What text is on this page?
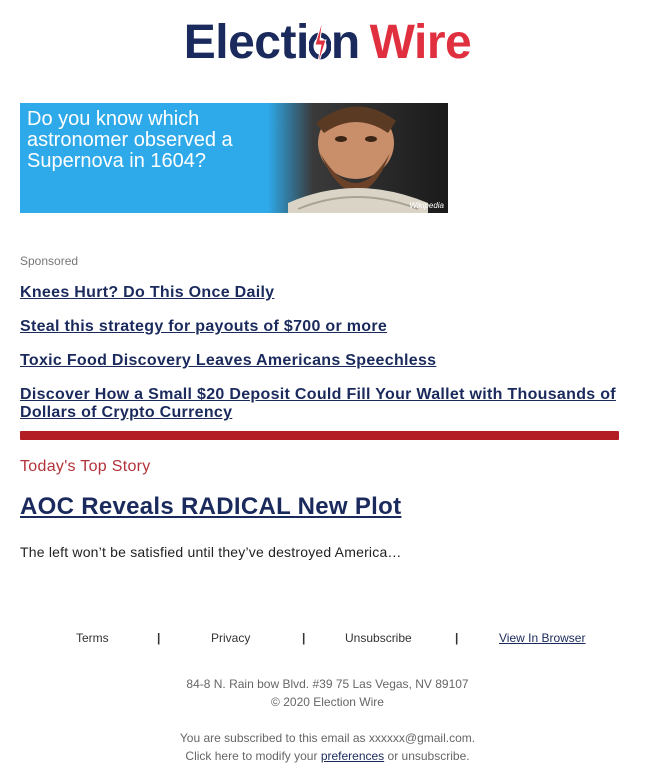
Electi n Wire
Do you know which astronomer observed a Supernova in 1604?
Wikipedia
Sponsored
Knees Hurt? Do This Once Daily
Steal this strategy for payouts of $700 or more
Toxic Food Discovery Leaves Americans Speechless
Discover How a Small $20 Deposit Could Fill Your Wallet with Thousands of Dollars of Crypto Currency
Today's Top Story
AOC Reveals RADICAL New Plot
The left won’t be satisfied until they’ve destroyed America…
Terms	|	Privacy	|	Unsubscribe	|	View In Browser
84-8 N. Rain bow Blvd. #39 75 Las Vegas, NV 89107
© 2020 Election Wire
You are subscribed to this email as xxxxxx@gmail.com.
Click here to modify your preferences or unsubscribe.
